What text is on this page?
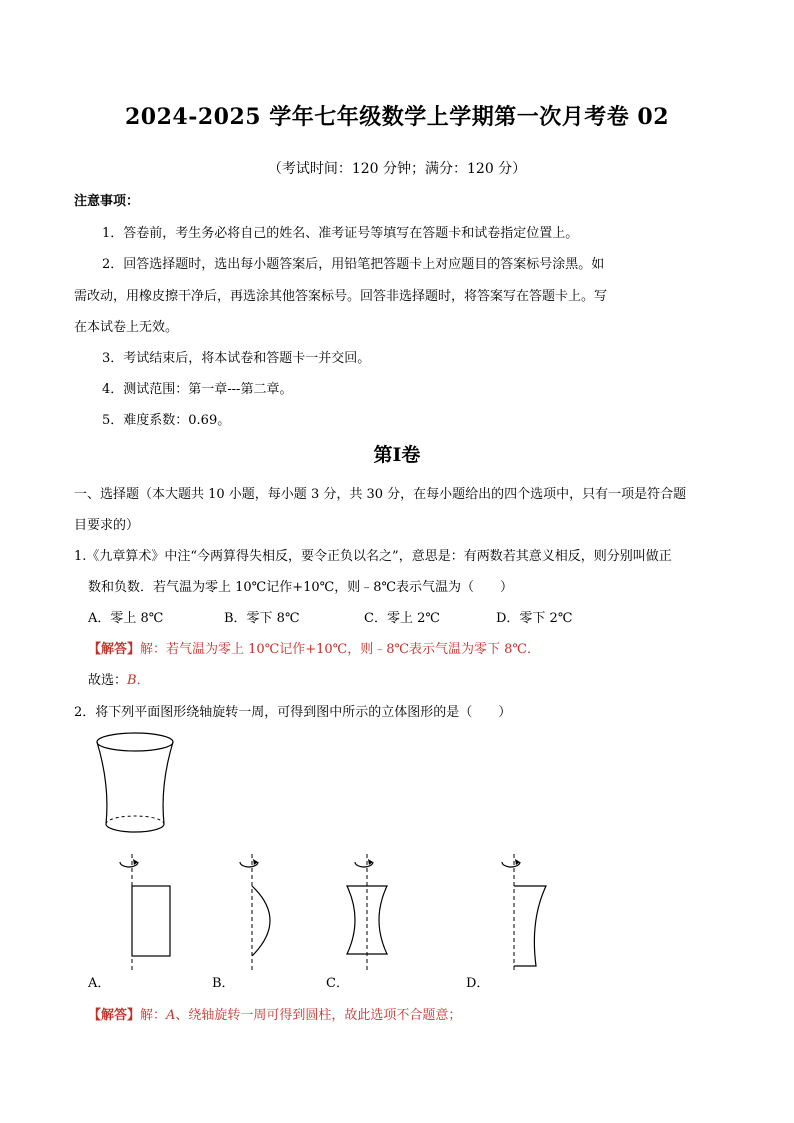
2024-2025 学年七年级数学上学期第一次月考卷 02
（考试时间：120 分钟；满分：120 分）
注意事项：
1．答卷前，考生务必将自己的姓名、准考证号等填写在答题卡和试卷指定位置上。
2．回答选择题时，选出每小题答案后，用铅笔把答题卡上对应题目的答案标号涂黑。如
需改动，用橡皮擦干净后，再选涂其他答案标号。回答非选择题时，将答案写在答题卡上。写
在本试卷上无效。
3．考试结束后，将本试卷和答题卡一并交回。
4．测试范围：第一章---第二章。
5．难度系数：0.69。
第Ⅰ卷
一、选择题（本大题共 10 小题，每小题 3 分，共 30 分，在每小题给出的四个选项中，只有一项是符合题
目要求的）
1.《九章算术》中注“今两算得失相反，要令正负以名之”，意思是：有两数若其意义相反，则分别叫做正
数和负数．若气温为零上 10℃记作+10℃，则﹣8℃表示气温为（　　）
A．零上 8℃	B．零下 8℃	C．零上 2℃	D．零下 2℃
【解答】解：若气温为零上 10℃记作+10℃，则﹣8℃表示气温为零下 8℃．
故选：B．
2．将下列平面图形绕轴旋转一周，可得到图中所示的立体图形的是（　　）
A．	B．	C．	D．
【解答】解：A、绕轴旋转一周可得到圆柱，故此选项不合题意；
